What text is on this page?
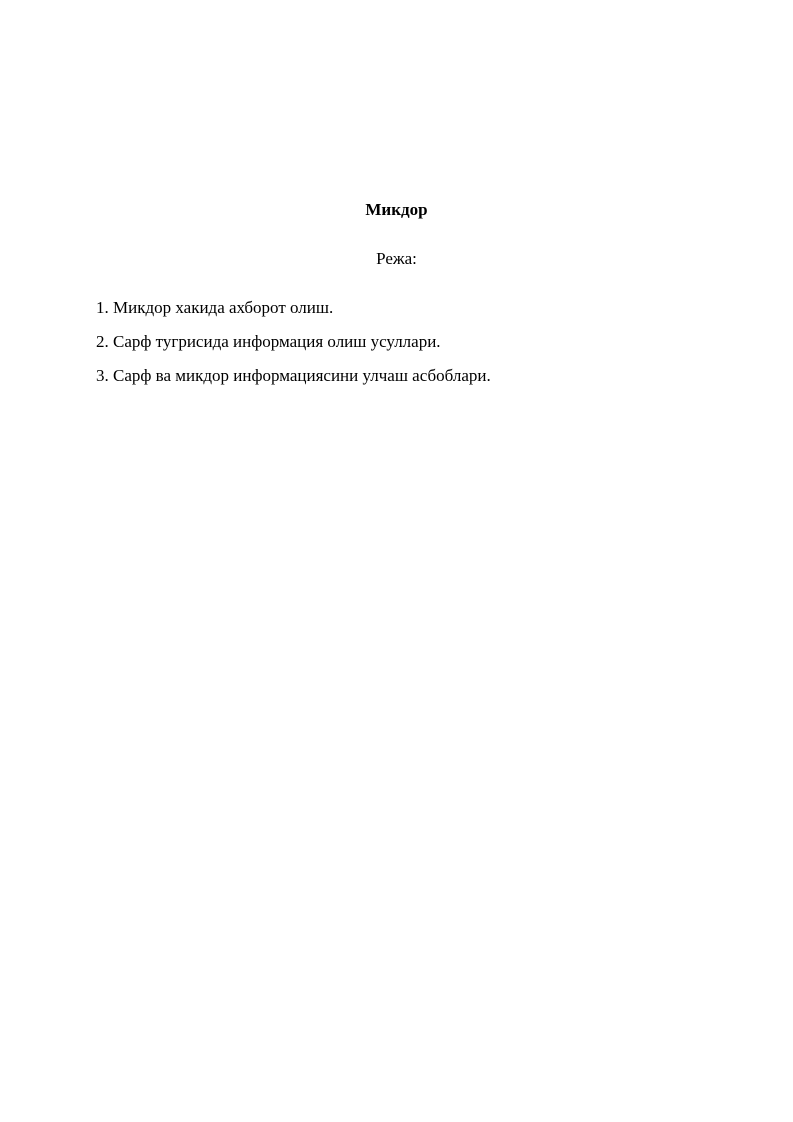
Микдор
Режа:
1. Микдор хакида ахборот олиш.
2. Сарф тугрисида информация олиш усуллари.
3. Сарф ва микдор информациясини улчаш асбоблари.
